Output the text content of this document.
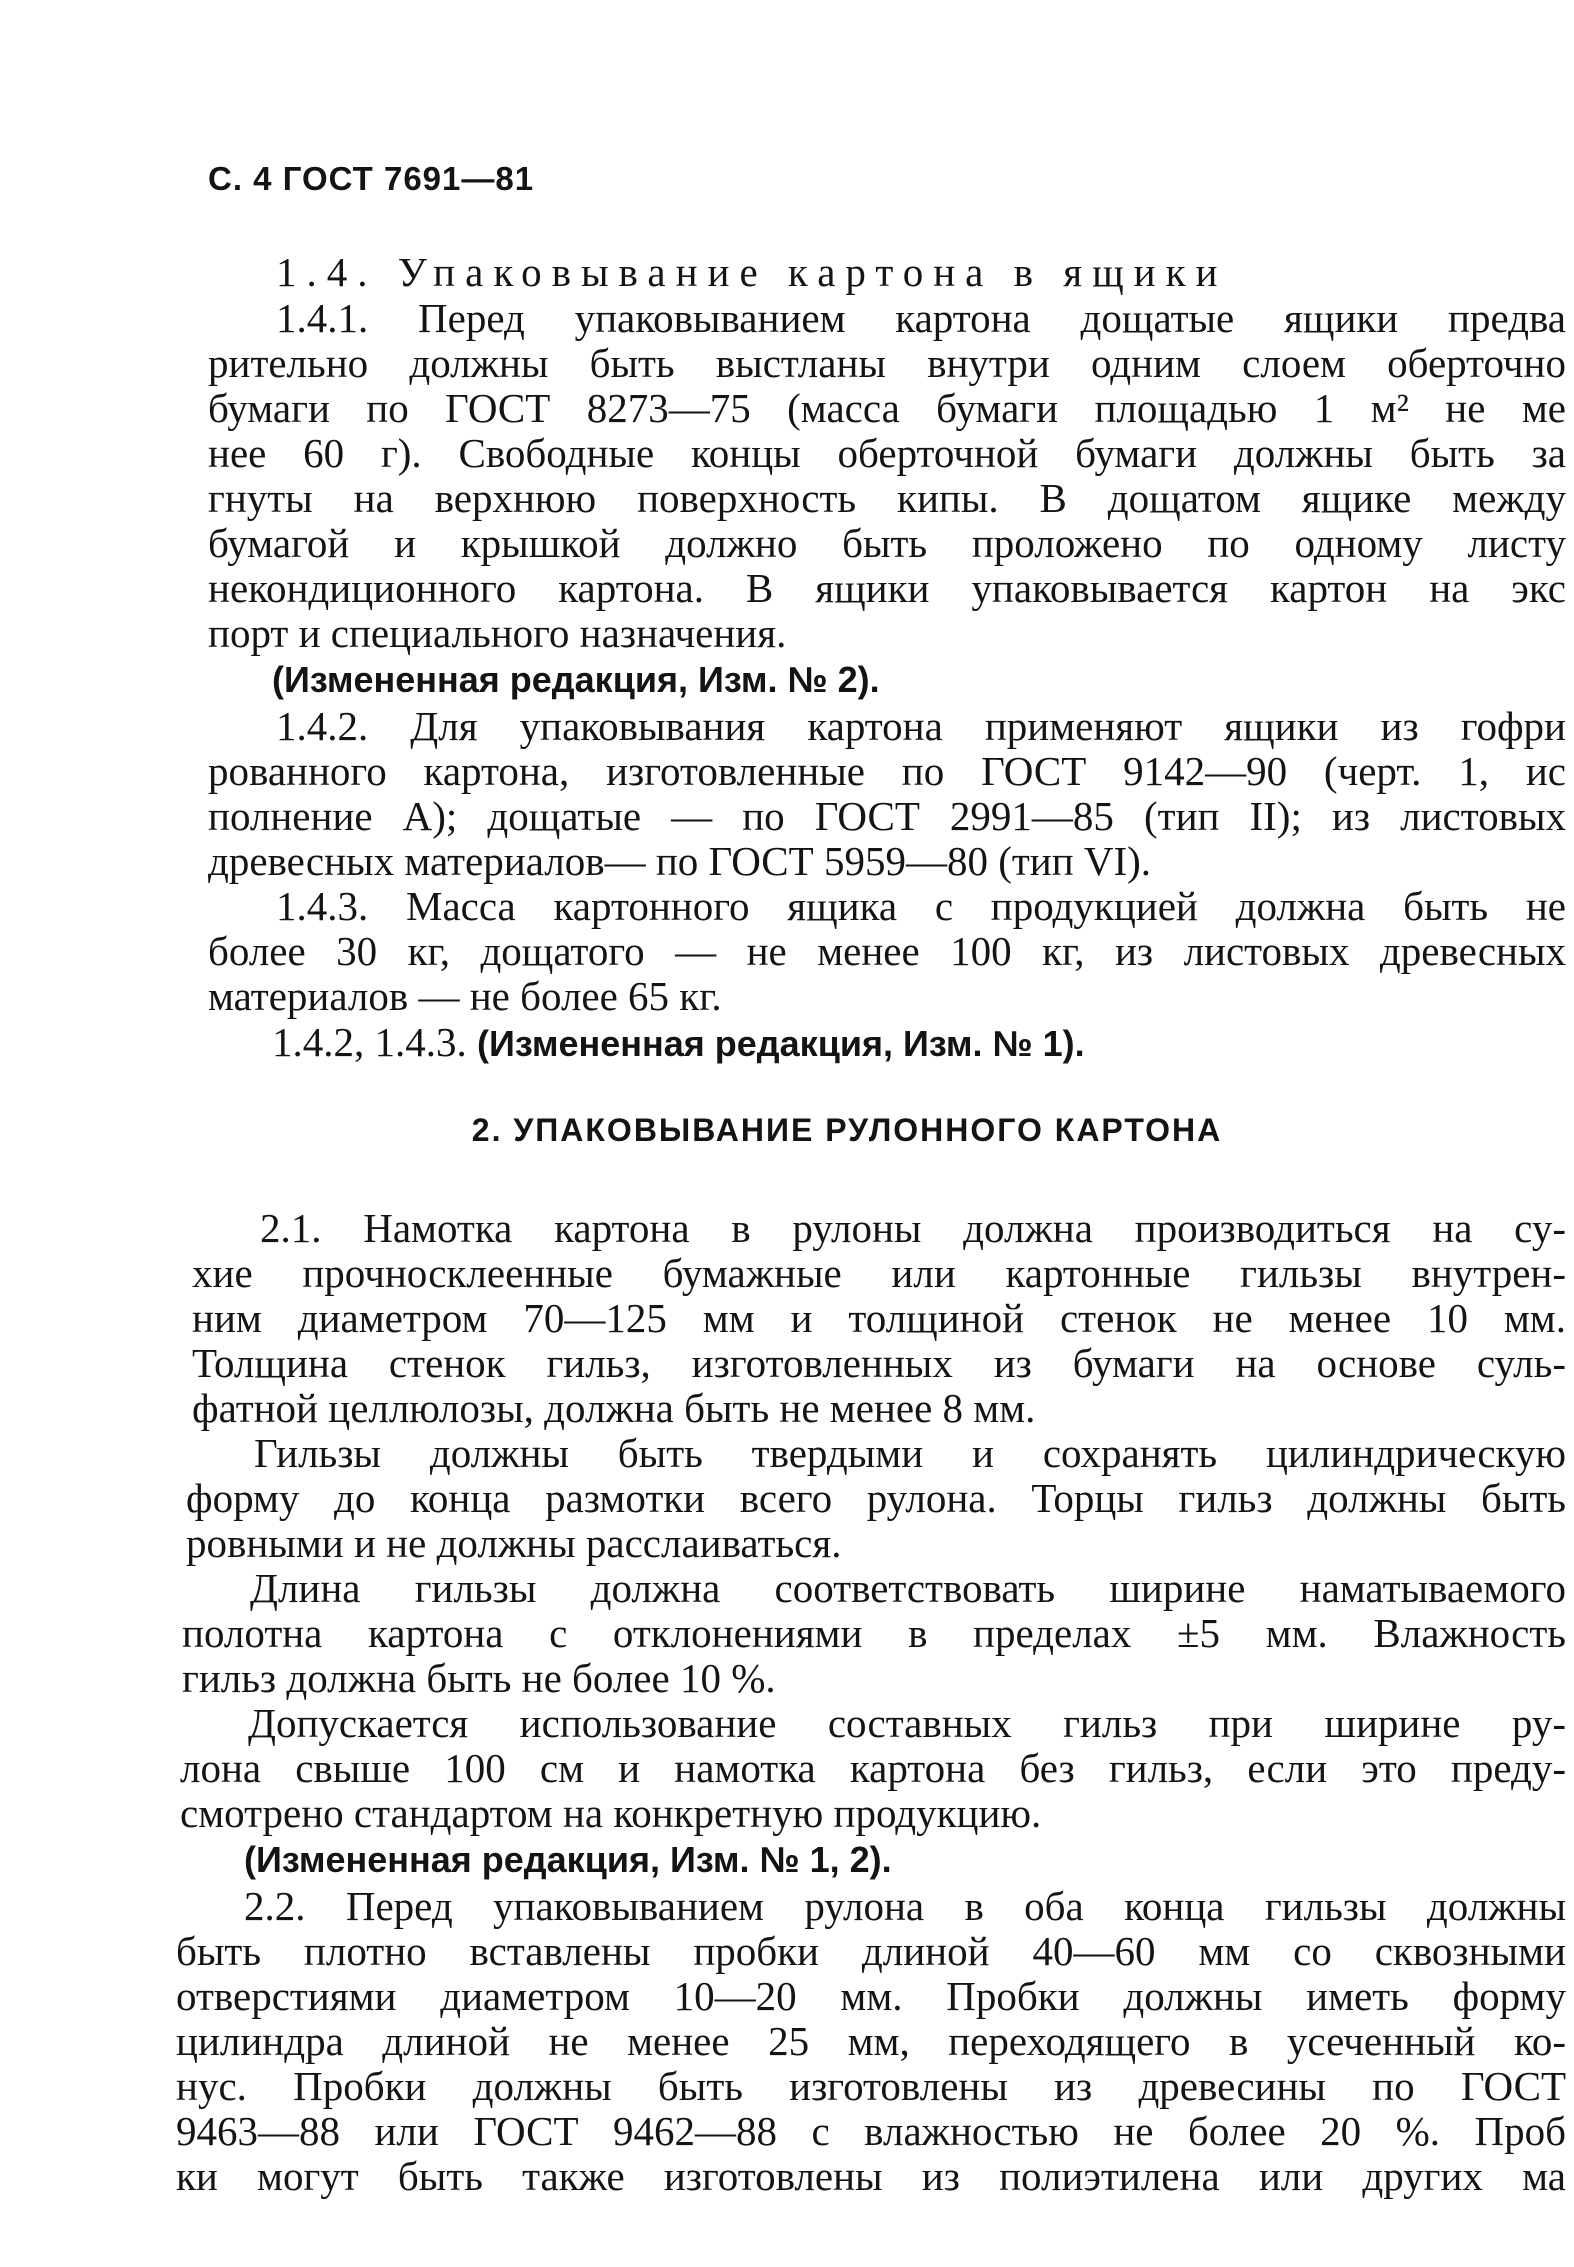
С. 4 ГОСТ 7691—81
1.4. Упаковывание картона в ящики
1.4.1. Перед упаковыванием картона дощатые ящики предва
рительно должны быть выстланы внутри одним слоем оберточно
бумаги по ГОСТ 8273—75 (масса бумаги площадью 1 м² не ме
нее 60 г). Свободные концы оберточной бумаги должны быть за
гнуты на верхнюю поверхность кипы. В дощатом ящике между
бумагой и крышкой должно быть проложено по одному листу
некондиционного картона. В ящики упаковывается картон на экс
порт и специального назначения.
(Измененная редакция, Изм. № 2).
1.4.2. Для упаковывания картона применяют ящики из гофри
рованного картона, изготовленные по ГОСТ 9142—90 (черт. 1, ис
полнение А); дощатые — по ГОСТ 2991—85 (тип II); из листовых
древесных материалов— по ГОСТ 5959—80 (тип VI).
1.4.3. Масса картонного ящика с продукцией должна быть не
более 30 кг, дощатого — не менее 100 кг, из листовых древесных
материалов — не более 65 кг.
1.4.2, 1.4.3. (Измененная редакция, Изм. № 1).
2. УПАКОВЫВАНИЕ РУЛОННОГО КАРТОНА
2.1. Намотка картона в рулоны должна производиться на су-
хие прочносклеенные бумажные или картонные гильзы внутрен-
ним диаметром 70—125 мм и толщиной стенок не менее 10 мм.
Толщина стенок гильз, изготовленных из бумаги на основе суль-
фатной целлюлозы, должна быть не менее 8 мм.
Гильзы должны быть твердыми и сохранять цилиндрическую
форму до конца размотки всего рулона. Торцы гильз должны быть
ровными и не должны расслаиваться.
Длина гильзы должна соответствовать ширине наматываемого
полотна картона с отклонениями в пределах ±5 мм. Влажность
гильз должна быть не более 10 %.
Допускается использование составных гильз при ширине ру-
лона свыше 100 см и намотка картона без гильз, если это преду-
смотрено стандартом на конкретную продукцию.
(Измененная редакция, Изм. № 1, 2).
2.2. Перед упаковыванием рулона в оба конца гильзы должны
быть плотно вставлены пробки длиной 40—60 мм со сквозными
отверстиями диаметром 10—20 мм. Пробки должны иметь форму
цилиндра длиной не менее 25 мм, переходящего в усеченный ко-
нус. Пробки должны быть изготовлены из древесины по ГОСТ
9463—88 или ГОСТ 9462—88 с влажностью не более 20 %. Проб
ки могут быть также изготовлены из полиэтилена или других ма
